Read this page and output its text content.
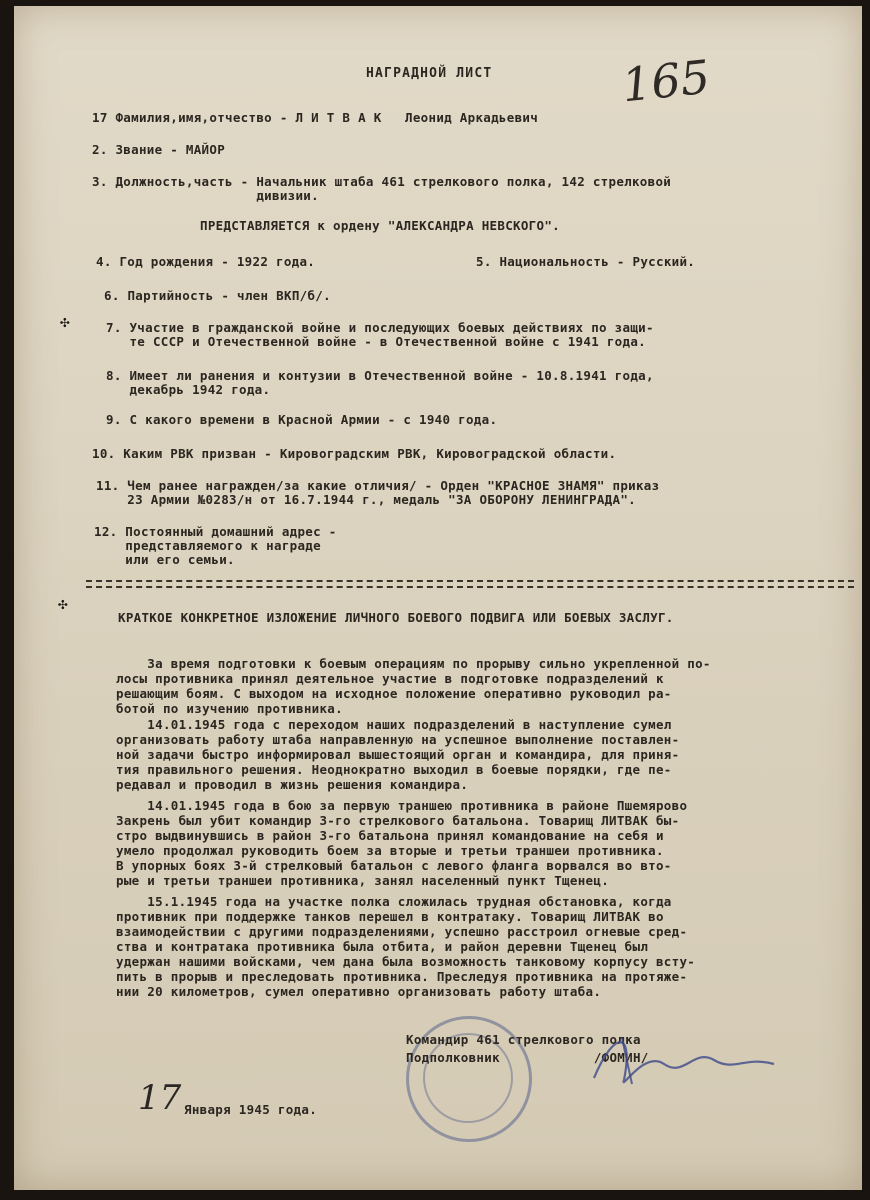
НАГРАДНОЙ ЛИСТ	165
17 Фамилия,имя,отчество - Л И Т В А К   Леонид Аркадьевич
2. Звание - МАЙОР
3. Должность,часть - Начальник штаба 461 стрелкового полка, 142 стрелковой
дивизии.
ПРЕДСТАВЛЯЕТСЯ к ордену "АЛЕКСАНДРА НЕВСКОГО".
4. Год рождения - 1922 года.	5. Национальность - Русский.
6. Партийность - член ВКП/б/.
7. Участие в гражданской войне и последующих боевых действиях по защи-
те СССР и Отечественной войне - в Отечественной войне с 1941 года.
8. Имеет ли ранения и контузии в Отечественной войне - 10.8.1941 года,
декабрь 1942 года.
9. С какого времени в Красной Армии - с 1940 года.
10. Каким РВК призван - Кировоградским РВК, Кировоградской области.
11. Чем ранее награжден/за какие отличия/ - Орден "КРАСНОЕ ЗНАМЯ" приказ
23 Армии №0283/н от 16.7.1944 г., медаль "ЗА ОБОРОНУ ЛЕНИНГРАДА".
12. Постоянный домашний адрес -
представляемого к награде
или его семьи.
КРАТКОЕ КОНКРЕТНОЕ ИЗЛОЖЕНИЕ ЛИЧНОГО БОЕВОГО ПОДВИГА ИЛИ БОЕВЫХ ЗАСЛУГ.
За время подготовки к боевым операциям по прорыву сильно укрепленной по-
лосы противника принял деятельное участие в подготовке подразделений к
решающим боям. С выходом на исходное положение оперативно руководил ра-
ботой по изучению противника.
14.01.1945 года с переходом наших подразделений в наступление сумел
организовать работу штаба направленную на успешное выполнение поставлен-
ной задачи быстро информировал вышестоящий орган и командира, для приня-
тия правильного решения. Неоднократно выходил в боевые порядки, где пе-
редавал и проводил в жизнь решения командира.
14.01.1945 года в бою за первую траншею противника в районе Пшемярово
Закрень был убит командир 3-го стрелкового батальона. Товарищ ЛИТВАК бы-
стро выдвинувшись в район 3-го батальона принял командование на себя и
умело продолжал руководить боем за вторые и третьи траншеи противника.
В упорных боях 3-й стрелковый батальон с левого фланга ворвался во вто-
рые и третьи траншеи противника, занял населенный пункт Тщенец.
15.1.1945 года на участке полка сложилась трудная обстановка, когда
противник при поддержке танков перешел в контратаку. Товарищ ЛИТВАК во
взаимодействии с другими подразделениями, успешно расстроил огневые сред-
ства и контратака противника была отбита, и район деревни Тщенец был
удержан нашими войсками, чем дана была возможность танковому корпусу всту-
пить в прорыв и преследовать противника. Преследуя противника на протяже-
нии 20 километров, сумел оперативно организовать работу штаба.
Командир 461 стрелкового полка
Подполковник            /ФОМИН/
17 Января 1945 года.
✣
✣
